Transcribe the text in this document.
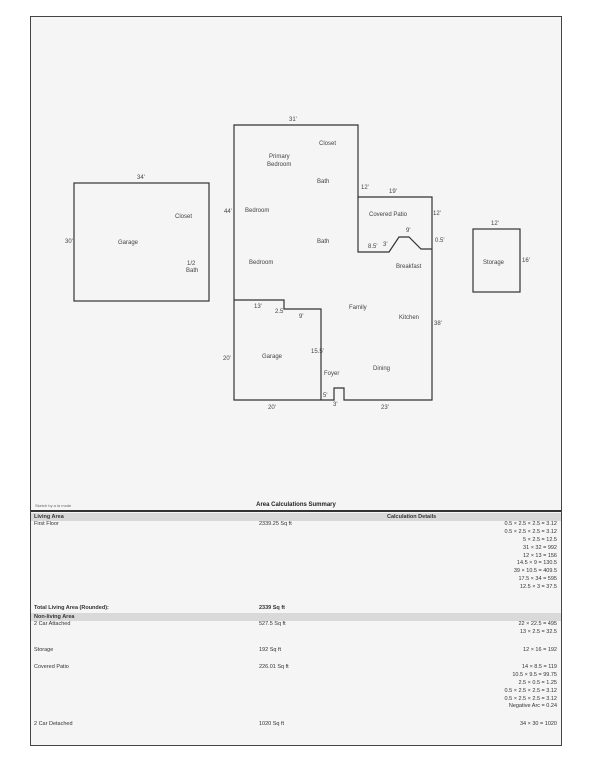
34'
30'
31'
44'
19'
12'
12'
9'
8.5'
0.5'
3'
38'
20'
13'
2.5'
9'
15.5'
20'	23'
5'
3'
12'
16'
Garage
Closet
1/2
Bath
Closet
Primary
Bedroom
Bath
Bedroom
Bath
Bedroom
Covered Patio
Breakfast
Family
Kitchen
Garage
Foyer
Dining
Storage
Sketch by a la mode	Area Calculations Summary
Living Area	Calculation Details
First Floor	2339.25 Sq ft	0.5 × 2.5 × 2.5 = 3.12
0.5 × 2.5 × 2.5 = 3.12
5 × 2.5 = 12.5
31 × 32 = 992
12 × 13 = 156
14.5 × 9 = 130.5
39 × 10.5 = 409.5
17.5 × 34 = 595
12.5 × 3 = 37.5
Total Living Area (Rounded):	2339 Sq ft
Non-living Area
2 Car Attached	527.5 Sq ft	22 × 22.5 = 495
13 × 2.5 = 32.5
Storage	192 Sq ft	12 × 16 = 192
Covered Patio	226.01 Sq ft	14 × 8.5 = 119
10.5 × 9.5 = 99.75
2.5 × 0.5 = 1.25
0.5 × 2.5 × 2.5 = 3.12
0.5 × 2.5 × 2.5 = 3.12
Negative Arc = 0.24
2 Car Detached	1020 Sq ft	34 × 30 = 1020
